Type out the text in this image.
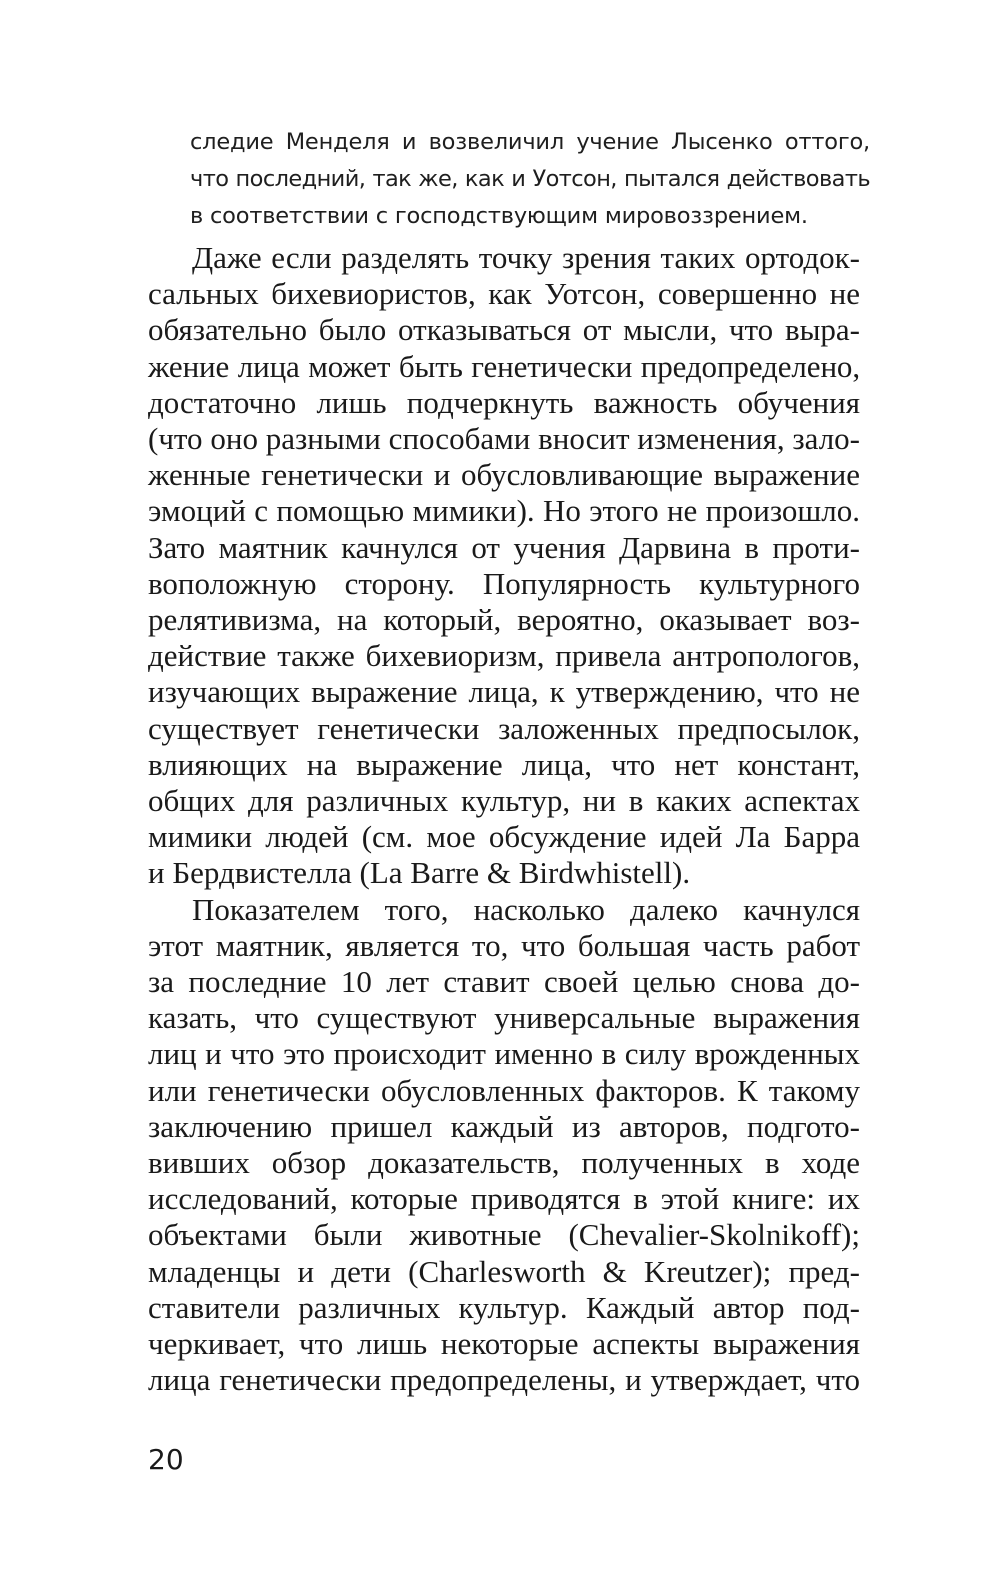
следие Менделя и возвеличил учение Лысенко оттого,
что последний, так же, как и Уотсон, пытался действовать
в соответствии с господствующим мировоззрением.
Даже если разделять точку зрения таких ортодок-
сальных бихевиористов, как Уотсон, совершенно не
обязательно было отказываться от мысли, что выра-
жение лица может быть генетически предопределено,
достаточно лишь подчеркнуть важность обучения
(что оно разными способами вносит изменения, зало-
женные генетически и обусловливающие выражение
эмоций с помощью мимики). Но этого не произошло.
Зато маятник качнулся от учения Дарвина в проти-
воположную сторону. Популярность культурного
релятивизма, на который, вероятно, оказывает воз-
действие также бихевиоризм, привела антропологов,
изучающих выражение лица, к утверждению, что не
существует генетически заложенных предпосылок,
влияющих на выражение лица, что нет констант,
общих для различных культур, ни в каких аспектах
мимики людей (см. мое обсуждение идей Ла Барра
и Бердвистелла (La Barre & Birdwhistell).
Показателем того, насколько далеко качнулся
этот маятник, является то, что большая часть работ
за последние 10 лет ставит своей целью снова до-
казать, что существуют универсальные выражения
лиц и что это происходит именно в силу врожденных
или генетически обусловленных факторов. К такому
заключению пришел каждый из авторов, подгото-
вивших обзор доказательств, полученных в ходе
исследований, которые приводятся в этой книге: их
объектами были животные (Chevalier-Skolnikoff);
младенцы и дети (Charlesworth & Kreutzer); пред-
ставители различных культур. Каждый автор под-
черкивает, что лишь некоторые аспекты выражения
лица генетически предопределены, и утверждает, что
20
